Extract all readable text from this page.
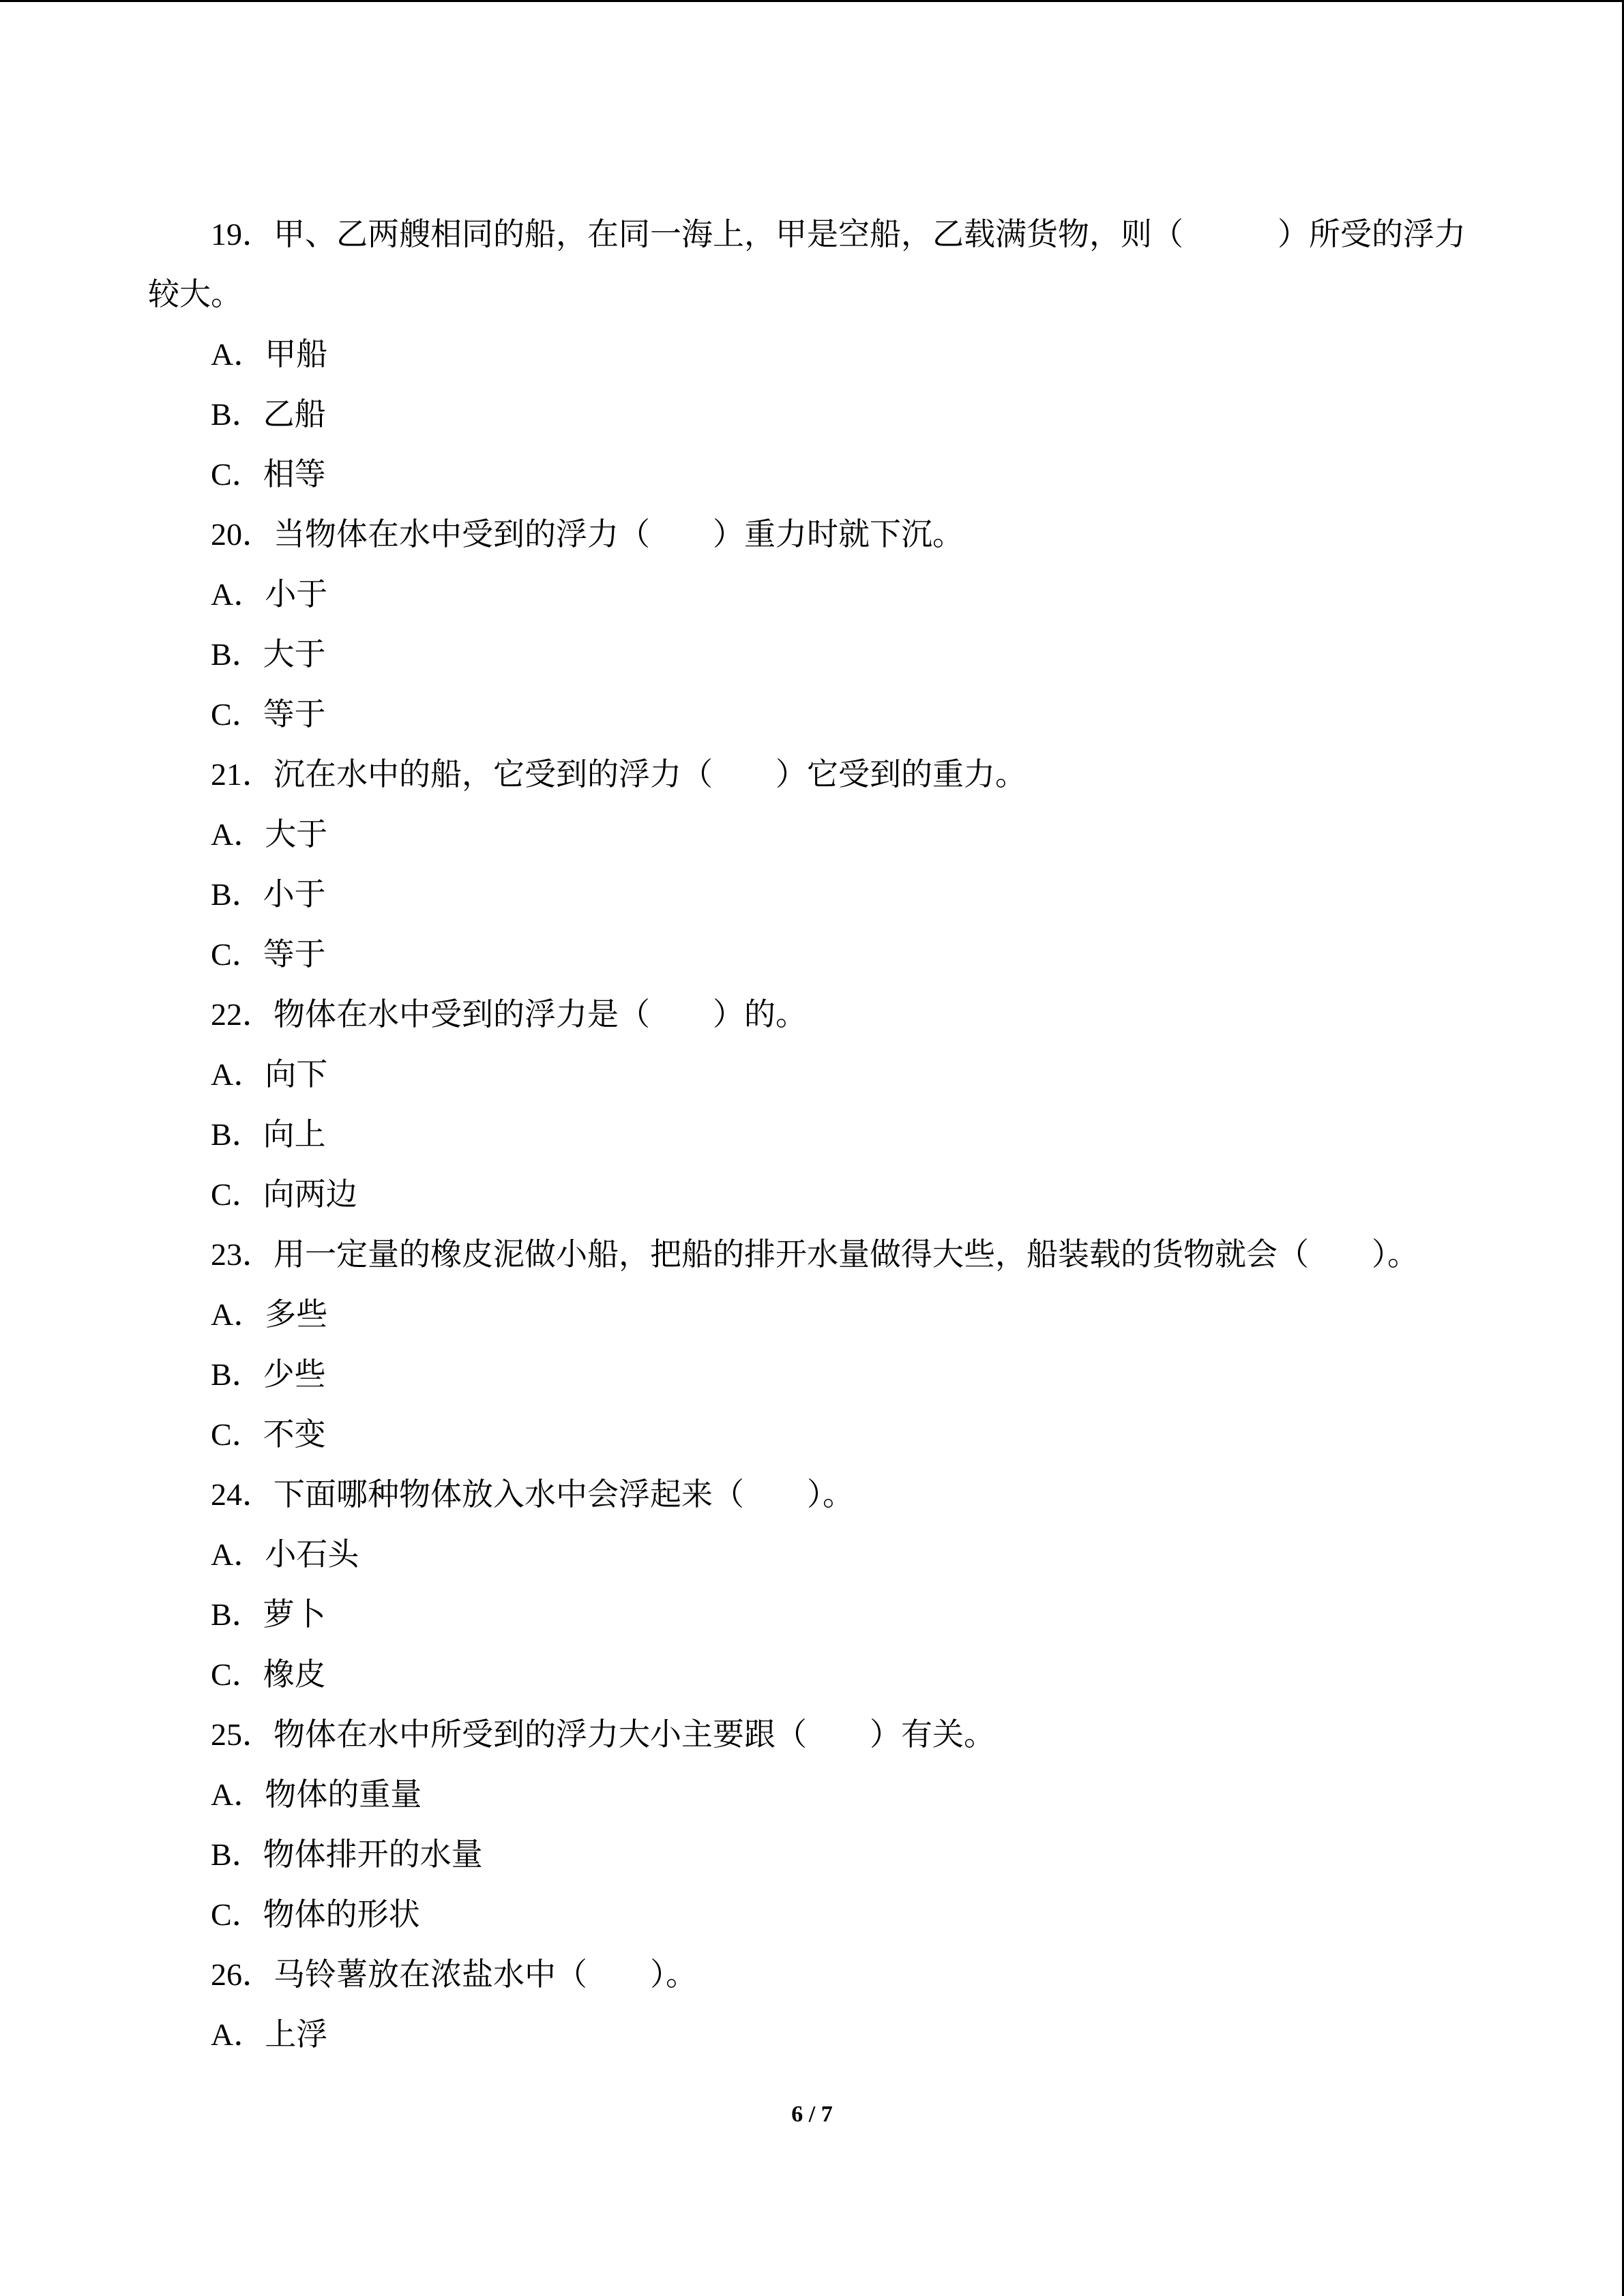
19．甲、乙两艘相同的船，在同一海上，甲是空船，乙载满货物，则（　　　）所受的浮力较大。
A．甲船
B．乙船
C．相等
20．当物体在水中受到的浮力（　　）重力时就下沉。
A．小于
B．大于
C．等于
21．沉在水中的船，它受到的浮力（　　）它受到的重力。
A．大于
B．小于
C．等于
22．物体在水中受到的浮力是（　　）的。
A．向下
B．向上
C．向两边
23．用一定量的橡皮泥做小船，把船的排开水量做得大些，船装载的货物就会（　　）。
A．多些
B．少些
C．不变
24．下面哪种物体放入水中会浮起来（　　）。
A．小石头
B．萝卜
C．橡皮
25．物体在水中所受到的浮力大小主要跟（　　）有关。
A．物体的重量
B．物体排开的水量
C．物体的形状
26．马铃薯放在浓盐水中（　　）。
A．上浮
6 / 7
